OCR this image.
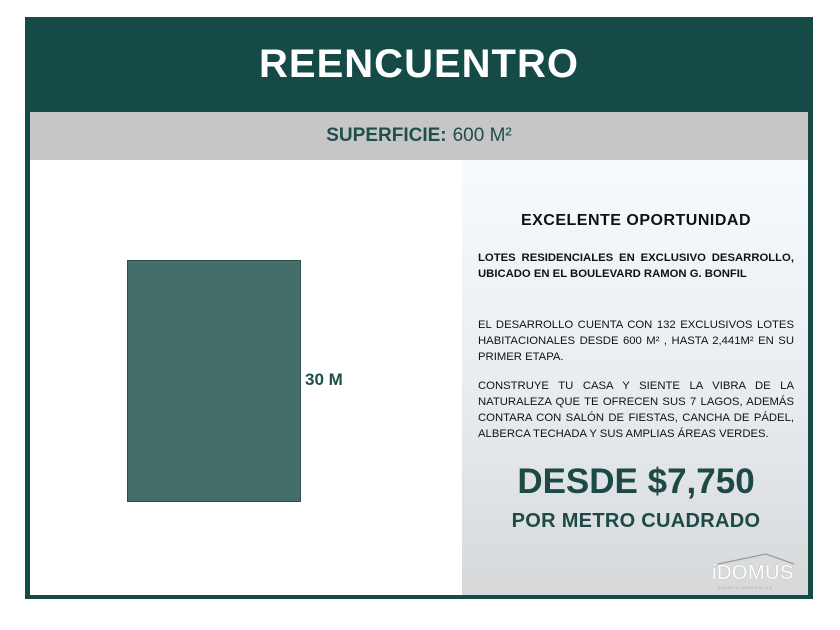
REENCUENTRO
SUPERFICIE: 600 M²
30 M
EXCELENTE OPORTUNIDAD
LOTES RESIDENCIALES EN EXCLUSIVO DESARROLLO, UBICADO EN EL BOULEVARD RAMON G. BONFIL
EL DESARROLLO CUENTA CON 132 EXCLUSIVOS LOTES HABITACIONALES DESDE 600 M² , HASTA 2,441M² EN SU PRIMER ETAPA.
CONSTRUYE TU CASA Y SIENTE LA VIBRA DE LA NATURALEZA QUE TE OFRECEN SUS 7 LAGOS, ADEMÁS CONTARA CON SALÓN DE FIESTAS, CANCHA DE PÁDEL, ALBERCA TECHADA Y SUS AMPLIAS ÁREAS VERDES.
DESDE $7,750
POR METRO CUADRADO
iDOMUS
BIENES INMUEBLES
